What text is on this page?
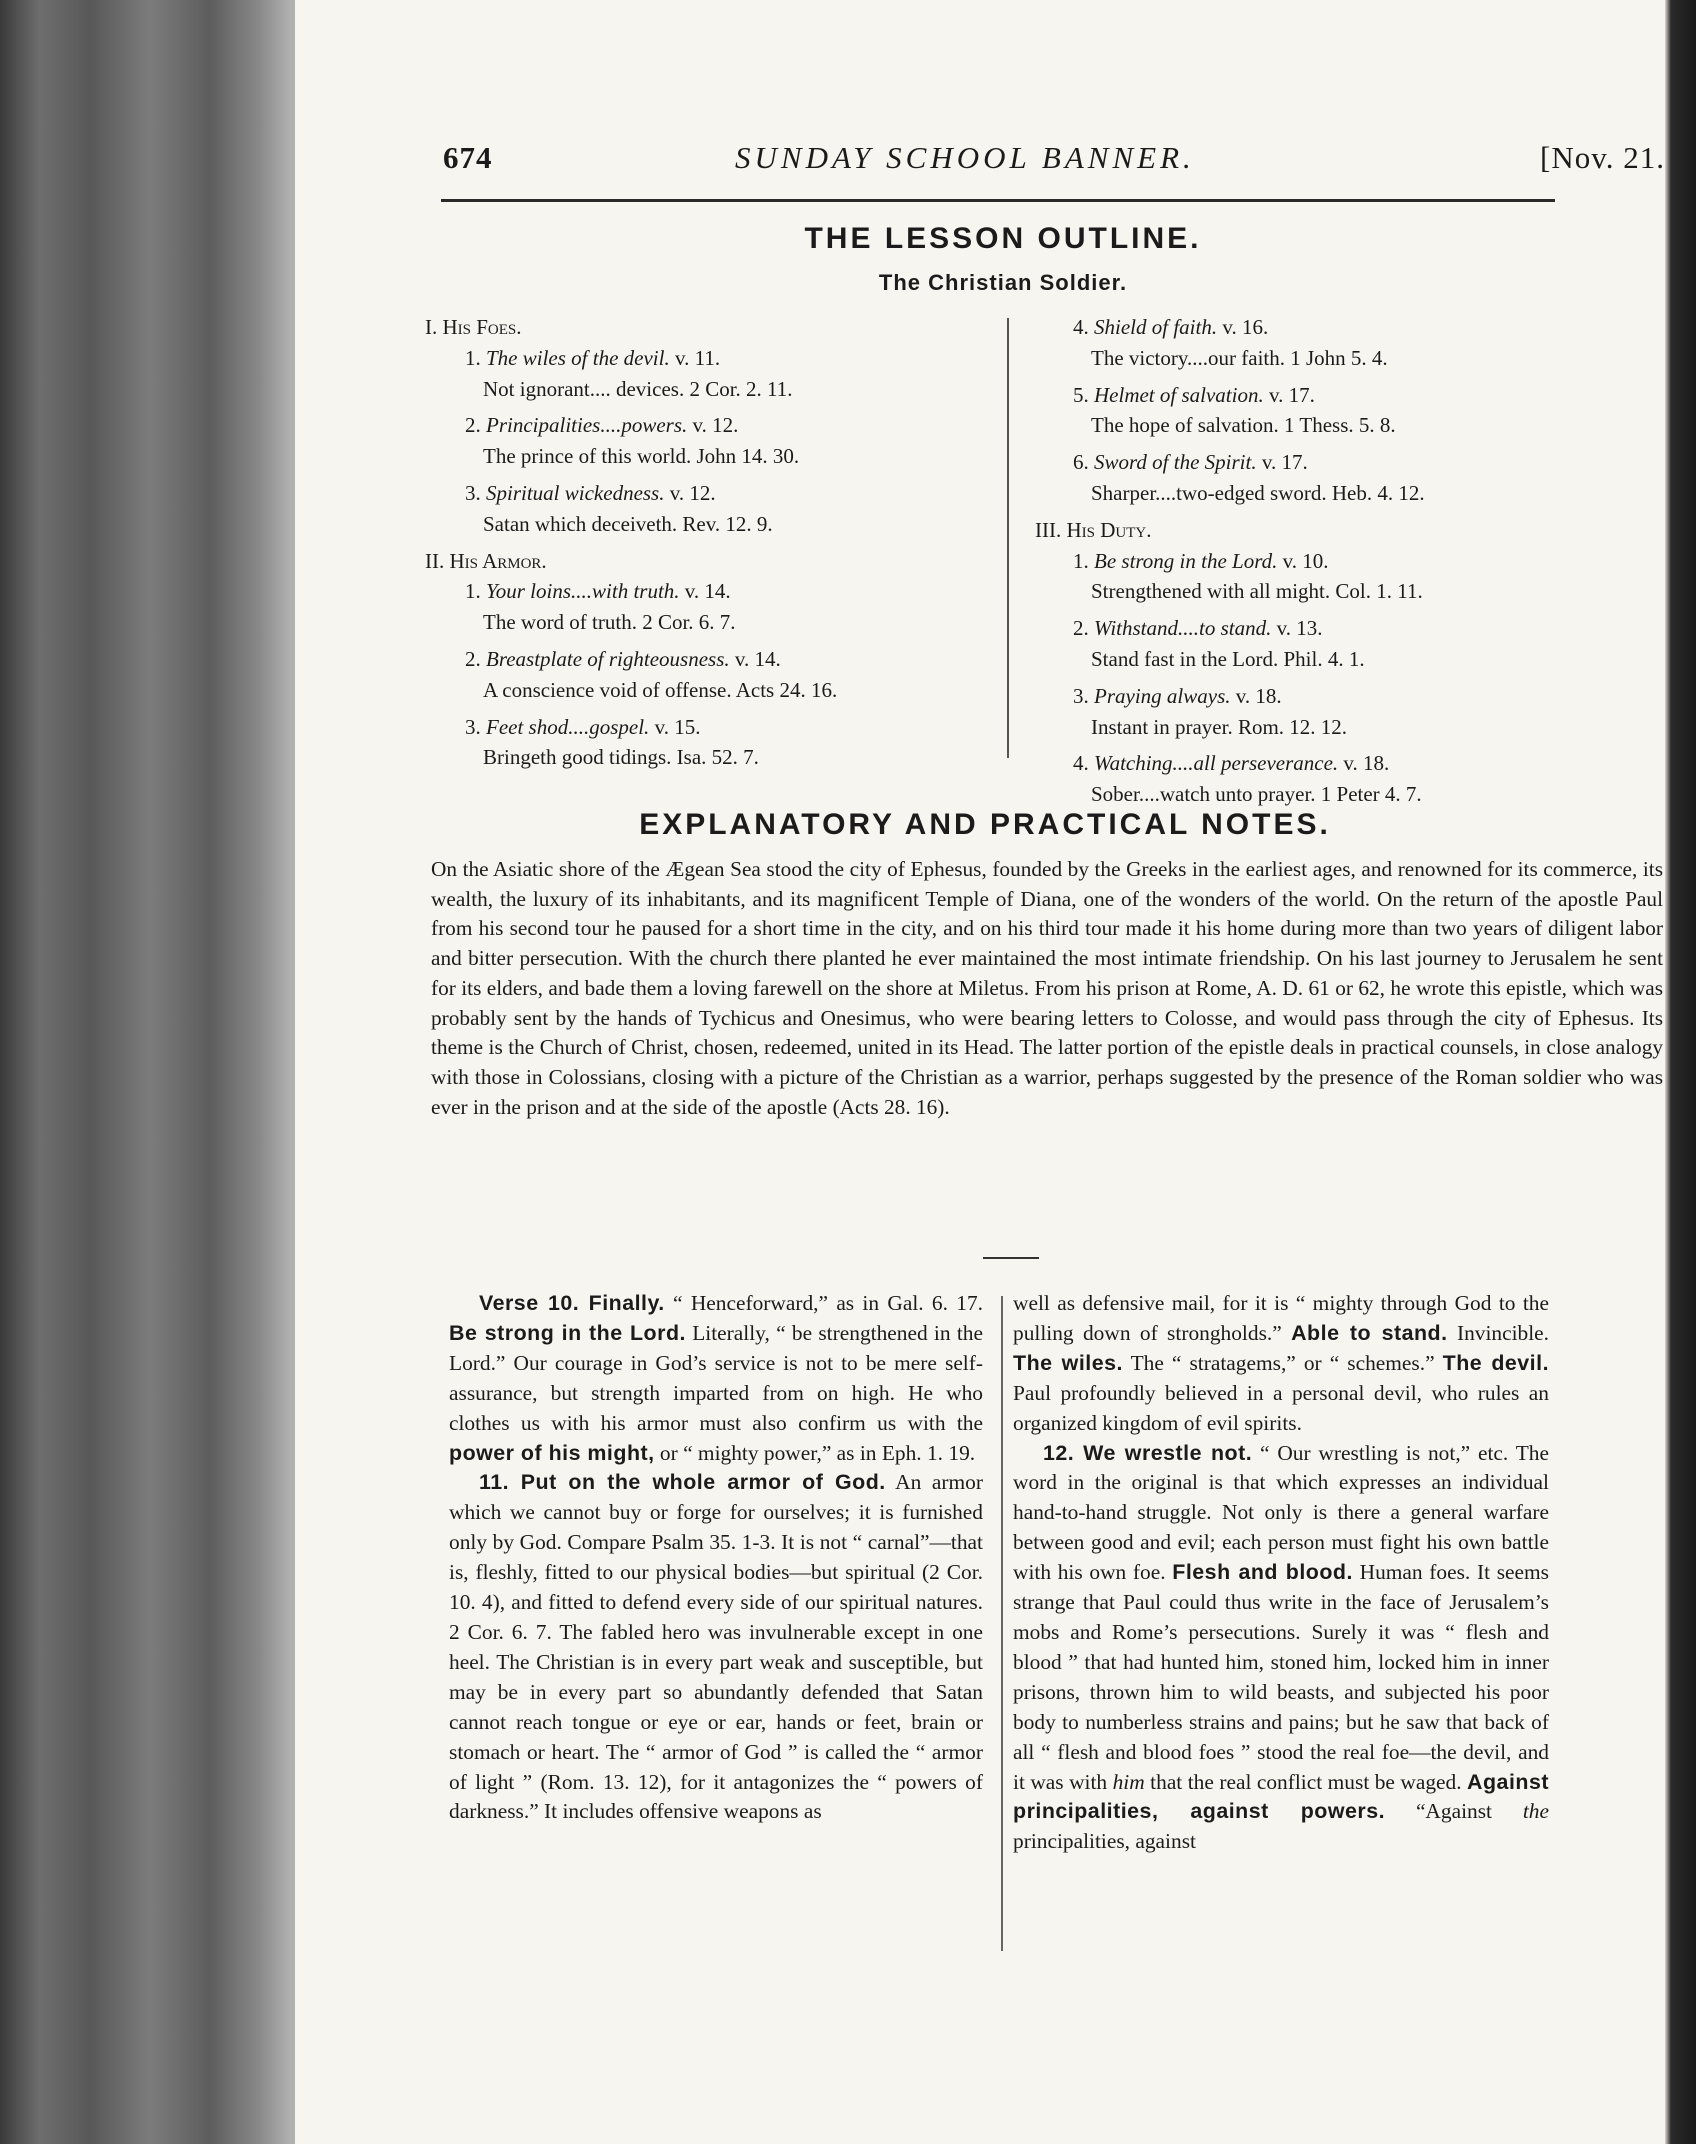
674	SUNDAY SCHOOL BANNER.	[Nov. 21.
THE LESSON OUTLINE.
The Christian Soldier.
I. His Foes.
1. The wiles of the devil. v. 11.
Not ignorant.... devices. 2 Cor. 2. 11.
2. Principalities....powers. v. 12.
The prince of this world. John 14. 30.
3. Spiritual wickedness. v. 12.
Satan which deceiveth. Rev. 12. 9.
II. His Armor.
1. Your loins....with truth. v. 14.
The word of truth. 2 Cor. 6. 7.
2. Breastplate of righteousness. v. 14.
A conscience void of offense. Acts 24. 16.
3. Feet shod....gospel. v. 15.
Bringeth good tidings. Isa. 52. 7.
4. Shield of faith. v. 16.
The victory....our faith. 1 John 5. 4.
5. Helmet of salvation. v. 17.
The hope of salvation. 1 Thess. 5. 8.
6. Sword of the Spirit. v. 17.
Sharper....two-edged sword. Heb. 4. 12.
III. His Duty.
1. Be strong in the Lord. v. 10.
Strengthened with all might. Col. 1. 11.
2. Withstand....to stand. v. 13.
Stand fast in the Lord. Phil. 4. 1.
3. Praying always. v. 18.
Instant in prayer. Rom. 12. 12.
4. Watching....all perseverance. v. 18.
Sober....watch unto prayer. 1 Peter 4. 7.
EXPLANATORY AND PRACTICAL NOTES.
On the Asiatic shore of the Ægean Sea stood the city of Ephesus, founded by the Greeks in the earliest ages, and renowned for its commerce, its wealth, the luxury of its inhabitants, and its magnificent Temple of Diana, one of the wonders of the world. On the return of the apostle Paul from his second tour he paused for a short time in the city, and on his third tour made it his home during more than two years of diligent labor and bitter persecution. With the church there planted he ever maintained the most intimate friendship. On his last journey to Jerusalem he sent for its elders, and bade them a loving farewell on the shore at Miletus. From his prison at Rome, A. D. 61 or 62, he wrote this epistle, which was probably sent by the hands of Tychicus and Onesimus, who were bearing letters to Colosse, and would pass through the city of Ephesus. Its theme is the Church of Christ, chosen, redeemed, united in its Head. The latter portion of the epistle deals in practical counsels, in close analogy with those in Colossians, closing with a picture of the Christian as a warrior, perhaps suggested by the presence of the Roman soldier who was ever in the prison and at the side of the apostle (Acts 28. 16).

Verse 10. Finally. “ Henceforward,” as in Gal. 6. 17. Be strong in the Lord. Literally, “ be strengthened in the Lord.” Our courage in God’s service is not to be mere self-assurance, but strength imparted from on high. He who clothes us with his armor must also confirm us with the power of his might, or “ mighty power,” as in Eph. 1. 19.

11. Put on the whole armor of God. An armor which we cannot buy or forge for ourselves; it is furnished only by God. Compare Psalm 35. 1-3. It is not “ carnal”—that is, fleshly, fitted to our physical bodies—but spiritual (2 Cor. 10. 4), and fitted to defend every side of our spiritual natures. 2 Cor. 6. 7. The fabled hero was invulnerable except in one heel. The Christian is in every part weak and susceptible, but may be in every part so abundantly defended that Satan cannot reach tongue or eye or ear, hands or feet, brain or stomach or heart. The “ armor of God ” is called the “ armor of light ” (Rom. 13. 12), for it antagonizes the “ powers of darkness.” It includes offensive weapons as

well as defensive mail, for it is “ mighty through God to the pulling down of strongholds.” Able to stand. Invincible. The wiles. The “ stratagems,” or “ schemes.” The devil. Paul profoundly believed in a personal devil, who rules an organized kingdom of evil spirits.

12. We wrestle not. “ Our wrestling is not,” etc. The word in the original is that which expresses an individual hand-to-hand struggle. Not only is there a general warfare between good and evil; each person must fight his own battle with his own foe. Flesh and blood. Human foes. It seems strange that Paul could thus write in the face of Jerusalem’s mobs and Rome’s persecutions. Surely it was “ flesh and blood ” that had hunted him, stoned him, locked him in inner prisons, thrown him to wild beasts, and subjected his poor body to numberless strains and pains; but he saw that back of all “ flesh and blood foes ” stood the real foe—the devil, and it was with him that the real conflict must be waged. Against principalities, against powers. “Against the principalities, against
